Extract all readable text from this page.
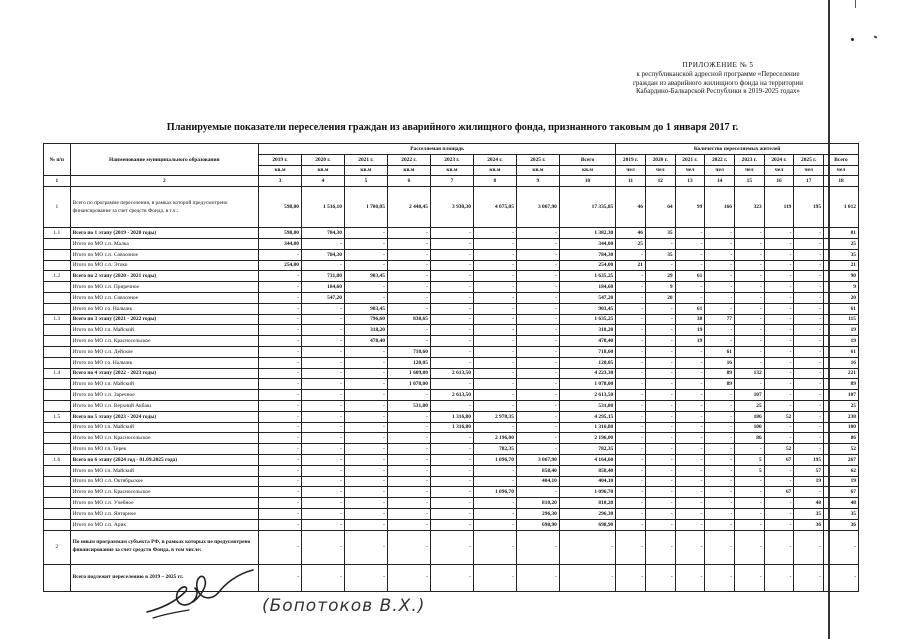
ПРИЛОЖЕНИЕ № 5
к республиканской адресной программе «Переселение
граждан из аварийного жилищного фонда на территории
Кабардино-Балкарской Республики в 2019-2025 годах»
Планируемые показатели переселения граждан из аварийного жилищного фонда, признанного таковым до 1 января 2017 г.
№ п/п	Наименование муниципального образования	Расселяемая площадь								Количество переселяемых жителей							
		2019 г.	2020 г.	2021 г.	2022 г.	2023 г.	2024 г.	2025 г.	Всего	2019 г.	2020 г.	2021 г.	2022 г.	2023 г.	2024 г.	2025 г.	Всего
		кв.м	кв.м	кв.м	кв.м	кв.м	кв.м	кв.м	кв.м	чел	чел	чел	чел	чел	чел	чел	чел
1	2	3	4	5	6	7	8	9	10	11	12	13	14	15	16	17	18
1	Всего по программе переселения, в рамках которой предусмотрено финансирование за счет средств Фонда, в т.ч.:	598,00	1 516,10	1 700,05	2 448,45	3 930,30	4 075,05	3 067,90	17 335,85	46	64	99	166	323	119	195	1 012
1.1	Всего по 1 этапу (2019 - 2020 годы)	598,00	784,30	-	-	-	-	-	1 382,30	46	35	-	-	-	-	-	81
	Итого по МО с.п. Малка	344,00	-	-	-	-	-	-	344,00	25	-	-	-	-	-	-	25
	Итого по МО с.п. Совхозное	-	784,30	-	-	-	-	-	784,30	-	35	-	-	-	-	-	35
	Итого по МО с.п. Этоко	254,00	-	-	-	-	-	-	254,00	21	-	-	-	-	-	-	21
1.2	Всего по 2 этапу (2020 - 2021 годы)	-	731,80	903,45	-	-	-	-	1 635,25	-	29	61	-	-	-	-	90
	Итого по МО с.п. Приречное	-	184,60	-	-	-	-	-	184,60	-	9	-	-	-	-	-	9
	Итого по МО с.п. Совхозное	-	547,20	-	-	-	-	-	547,20	-	20	-	-	-	-	-	20
	Итого по МО г.о. Нальчик	-	-	903,45	-	-	-	-	903,45	-	-	61	-	-	-	-	61
1.3	Всего по 3 этапу (2021 - 2022 годы)	-	-	796,60	838,65	-	-	-	1 635,25	-	-	38	77	-	-	-	115
	Итого по МО г.п. Майский	-	-	318,20	-	-	-	-	318,20	-	-	19	-	-	-	-	19
	Итого по МО с.п. Красносельское	-	-	478,40	-	-	-	-	478,40	-	-	19	-	-	-	-	19
	Итого по МО с.п. Дейское	-	-	-	718,60	-	-	-	718,60	-	-	-	61	-	-	-	61
	Итого по МО г.о. Нальчик	-	-	-	120,05	-	-	-	120,05	-	-	-	16	-	-	-	16
1.4	Всего по 4 этапу (2022 - 2023 годы)	-	-	-	1 609,80	2 613,50	-	-	4 223,30	-	-	-	89	132	-	-	221
	Итого по МО г.п. Майский	-	-	-	1 078,00	-	-	-	1 078,00	-	-	-	89	-	-	-	89
	Итого по МО с.п. Заречное	-	-	-	-	2 613,50	-	-	2 613,50	-	-	-	-	107	-	-	107
	Итого по МО с.п. Верхний Акбаш	-	-	-	531,80	-	-	-	531,80	-	-	-	-	25	-	-	25
1.5	Всего по 5 этапу (2023 - 2024 годы)	-	-	-	-	1 316,80	2 978,35	-	4 295,15	-	-	-	-	186	52	-	238
	Итого по МО г.п. Майский	-	-	-	-	1 316,80	-	-	1 316,80	-	-	-	-	100	-	-	100
	Итого по МО с.п. Красносельское	-	-	-	-	-	2 196,00	-	2 196,00	-	-	-	-	86	-	-	86
	Итого по МО г.п. Терек	-	-	-	-	-	782,35	-	782,35	-	-	-	-	-	52	-	52
1.6	Всего по 6 этапу (2024 год - 01.09.2025 года)	-	-	-	-	-	1 096,70	3 067,90	4 164,60	-	-	-	-	5	67	195	267
	Итого по МО г.п. Майский	-	-	-	-	-	-	858,40	858,40	-	-	-	-	5	-	57	62
	Итого по МО с.п. Октябрьское	-	-	-	-	-	-	404,10	404,10	-	-	-	-	-	-	19	19
	Итого по МО с.п. Красносельское	-	-	-	-	-	1 096,70	-	1 096,70	-	-	-	-	-	67	-	67
	Итого по МО с.п. Учебное	-	-	-	-	-	-	810,20	810,20	-	-	-	-	-	-	48	48
	Итого по МО с.п. Янтарное	-	-	-	-	-	-	296,30	296,30	-	-	-	-	-	-	35	35
	Итого по МО с.п. Арик	-	-	-	-	-	-	698,90	698,90	-	-	-	-	-	-	36	36
2	По иным программам субъекта РФ, в рамках которых не предусмотрено финансирование за счет средств Фонда, в том числе:	-	-	-	-	-	-	-	-	-	-	-	-	-	-	-	-
	Всего подлежит переселению в 2019 – 2025 гг.	-	-	-	-	-	-	-	-	-	-	-	-	-	-	-	-
(Бопотоков В.Х.)
